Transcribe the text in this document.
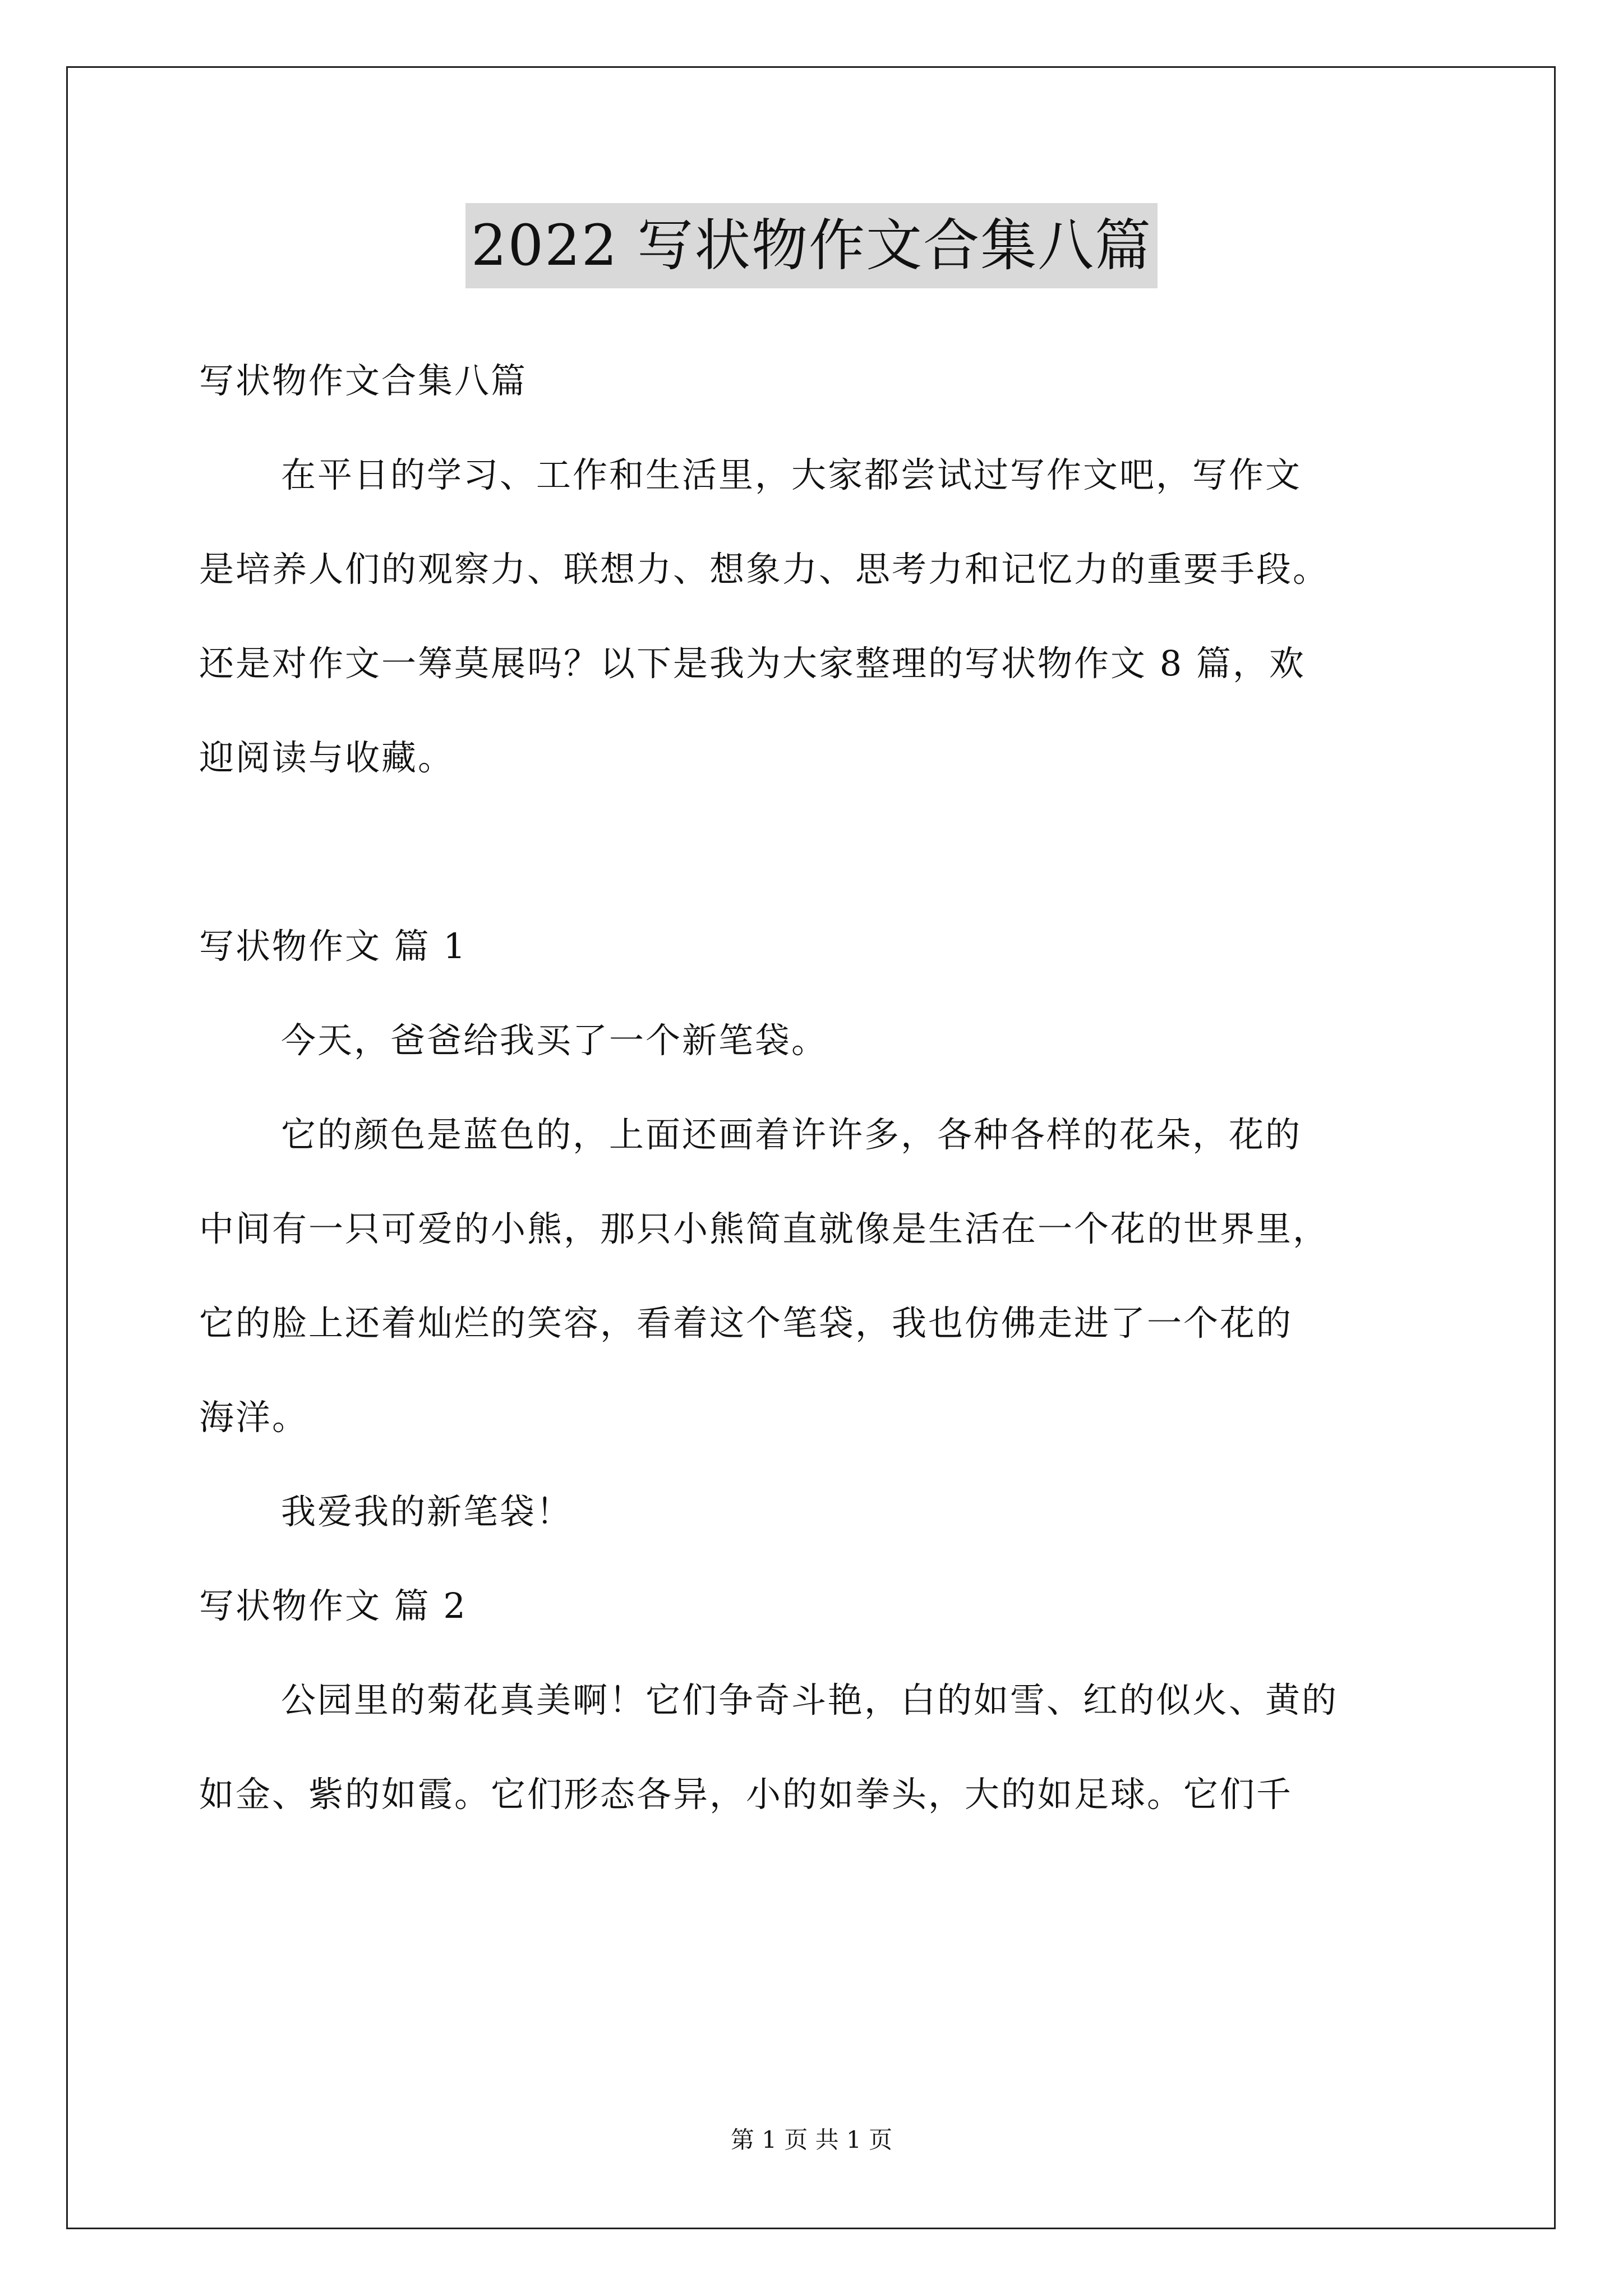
2022 写状物作文合集八篇
写状物作文合集八篇
在平日的学习、工作和生活里，大家都尝试过写作文吧，写作文
是培养人们的观察力、联想力、想象力、思考力和记忆力的重要手段。
还是对作文一筹莫展吗？以下是我为大家整理的写状物作文 8 篇，欢
迎阅读与收藏。
写状物作文 篇 1
今天，爸爸给我买了一个新笔袋。
它的颜色是蓝色的，上面还画着许许多，各种各样的花朵，花的
中间有一只可爱的小熊，那只小熊简直就像是生活在一个花的世界里，
它的脸上还着灿烂的笑容，看着这个笔袋，我也仿佛走进了一个花的
海洋。
我爱我的新笔袋！
写状物作文 篇 2
公园里的菊花真美啊！它们争奇斗艳，白的如雪、红的似火、黄的
如金、紫的如霞。它们形态各异，小的如拳头，大的如足球。它们千
第 1 页 共 1 页
